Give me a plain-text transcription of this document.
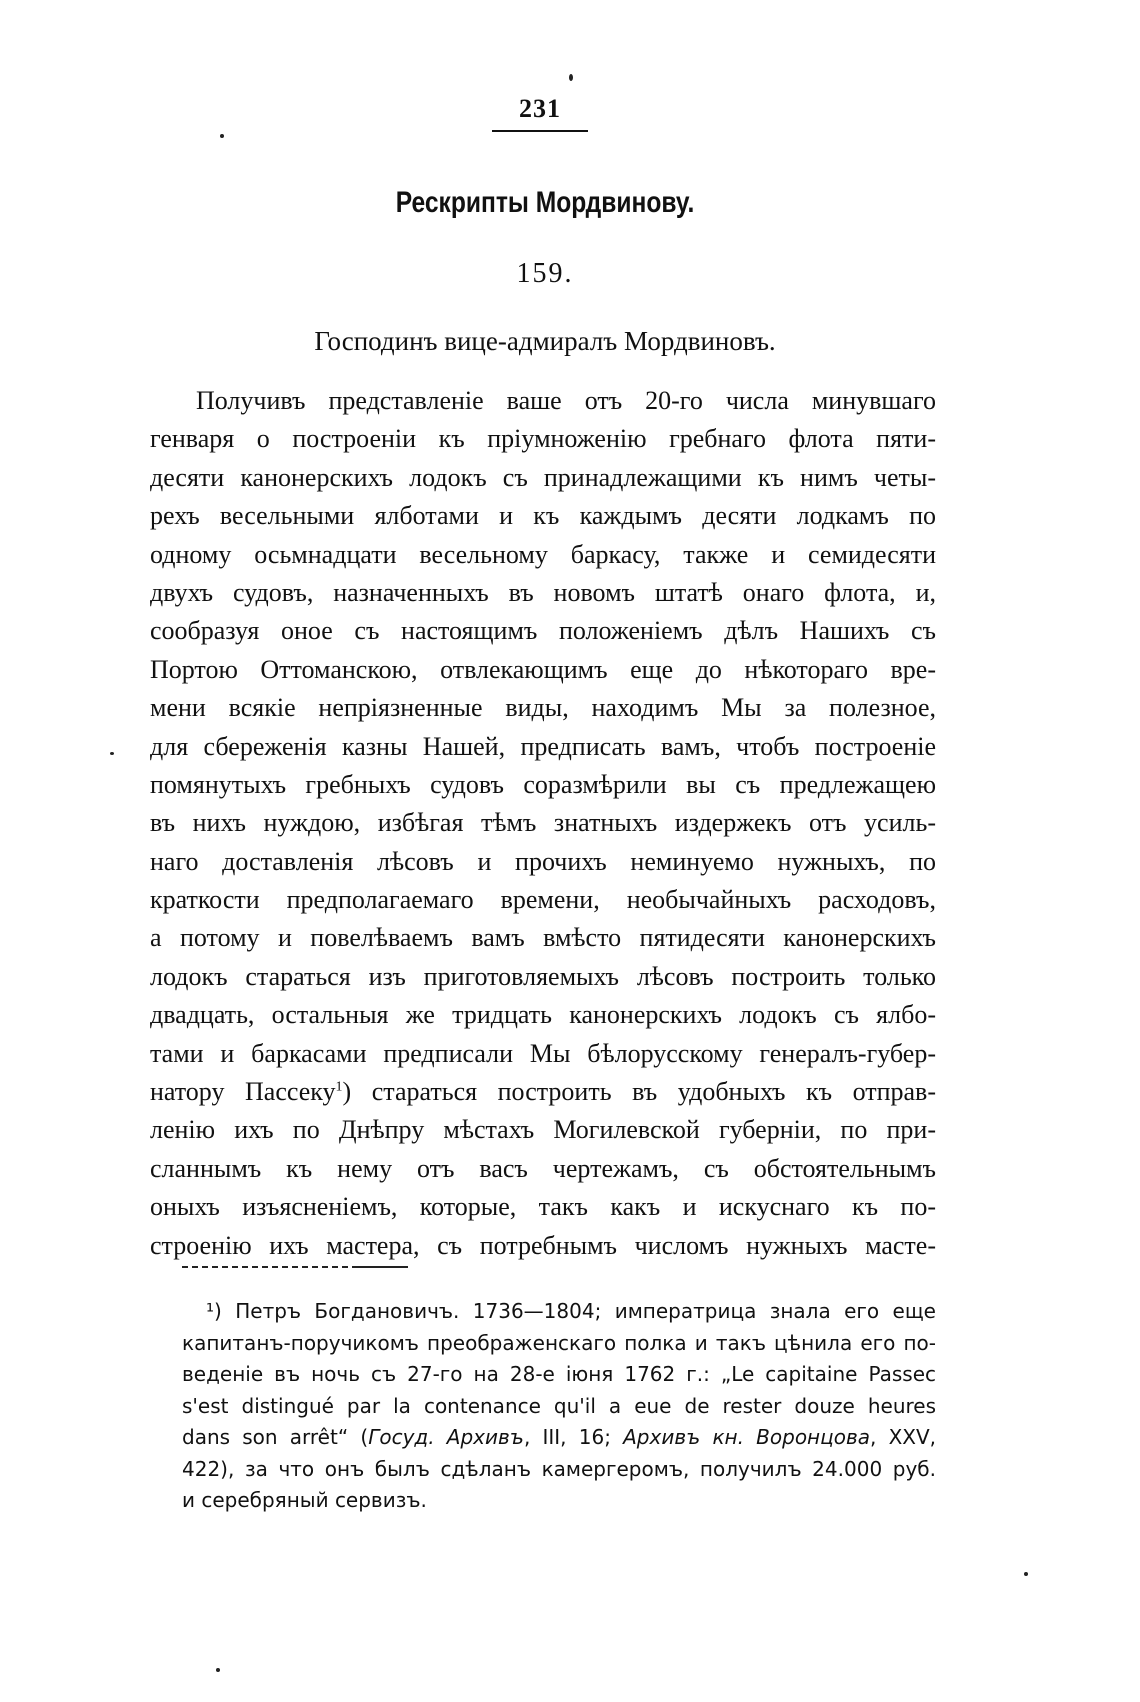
231
Рескрипты Мордвинову.
159.
Господинъ вице-адмиралъ Мордвиновъ.
Получивъ представленіе ваше отъ 20-го числа минувшаго
генваря о построеніи къ пріумноженію гребнаго флота пяти-
десяти канонерскихъ лодокъ съ принадлежащими къ нимъ четы-
рехъ весельными ялботами и къ каждымъ десяти лодкамъ по
одному осьмнадцати весельному баркасу, также и семидесяти
двухъ судовъ, назначенныхъ въ новомъ штатѣ онаго флота, и,
сообразуя оное съ настоящимъ положеніемъ дѣлъ Нашихъ съ
Портою Оттоманскою, отвлекающимъ еще до нѣкотораго вре-
мени всякіе непріязненные виды, находимъ Мы за полезное,
для сбереженія казны Нашей, предписать вамъ, чтобъ построеніе
помянутыхъ гребныхъ судовъ соразмѣрили вы съ предлежащею
въ нихъ нуждою, избѣгая тѣмъ знатныхъ издержекъ отъ усиль-
наго доставленія лѣсовъ и прочихъ неминуемо нужныхъ, по
краткости предполагаемаго времени, необычайныхъ расходовъ,
а потому и повелѣваемъ вамъ вмѣсто пятидесяти канонерскихъ
лодокъ стараться изъ приготовляемыхъ лѣсовъ построить только
двадцать, остальныя же тридцать канонерскихъ лодокъ съ ялбо-
тами и баркасами предписали Мы бѣлорусскому генералъ-губер-
натору Пассеку$^1$) старатьcя построить въ удобныхъ къ отправ-
ленію ихъ по Днѣпру мѣстахъ Могилевской губерніи, по при-
сланнымъ къ нему отъ васъ чертежамъ, съ обстоятельнымъ
оныхъ изъясненіемъ, которые, такъ какъ и искуснаго къ по-
строенію ихъ мастера, съ потребнымъ числомъ нужныхъ масте-
¹) Петръ Богдановичъ. 1736—1804; императрица знала его еще
капитанъ-поручикомъ преображенскаго полка и такъ цѣнила его по-
веденіе въ ночь съ 27-го на 28-е іюня 1762 г.: „Le capitaine Passec
s'est distingué par la contenance qu'il a eue de rester douze heures
dans son arrêt“ (Госуд. Архивъ, III, 16; Архивъ кн. Воронцова, XXV,
422), за что онъ былъ сдѣланъ камергеромъ, получилъ 24.000 руб.
и серебряный сервизъ.
